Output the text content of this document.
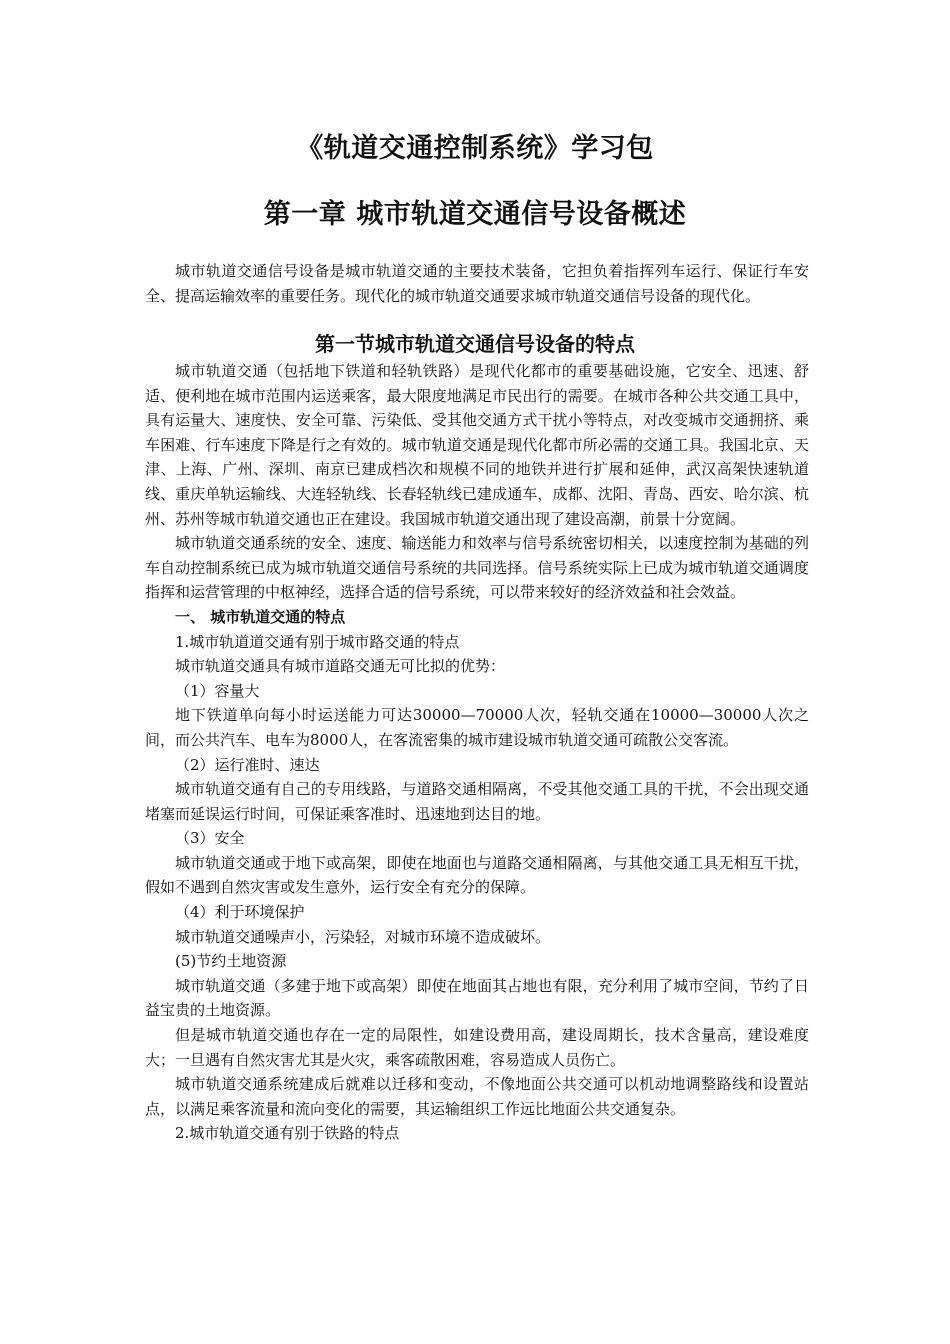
《轨道交通控制系统》学习包
第一章 城市轨道交通信号设备概述

城市轨道交通信号设备是城市轨道交通的主要技术装备，它担负着指挥列车运行、保证行车安全、提高运输效率的重要任务。现代化的城市轨道交通要求城市轨道交通信号设备的现代化。

第一节城市轨道交通信号设备的特点

城市轨道交通（包括地下铁道和轻轨铁路）是现代化都市的重要基础设施，它安全、迅速、舒适、便利地在城市范围内运送乘客，最大限度地满足市民出行的需要。在城市各种公共交通工具中，具有运量大、速度快、安全可靠、污染低、受其他交通方式干扰小等特点，对改变城市交通拥挤、乘车困难、行车速度下降是行之有效的。城市轨道交通是现代化都市所必需的交通工具。我国北京、天津、上海、广州、深圳、南京已建成档次和规模不同的地铁并进行扩展和延伸，武汉高架快速轨道线、重庆单轨运输线、大连轻轨线、长春轻轨线已建成通车，成都、沈阳、青岛、西安、哈尔滨、杭州、苏州等城市轨道交通也正在建设。我国城市轨道交通出现了建设高潮，前景十分宽阔。

城市轨道交通系统的安全、速度、输送能力和效率与信号系统密切相关，以速度控制为基础的列车自动控制系统已成为城市轨道交通信号系统的共同选择。信号系统实际上已成为城市轨道交通调度指挥和运营管理的中枢神经，选择合适的信号系统，可以带来较好的经济效益和社会效益。

一、 城市轨道交通的特点

1.城市轨道道交通有别于城市路交通的特点

城市轨道交通具有城市道路交通无可比拟的优势：

（1）容量大

地下铁道单向每小时运送能力可达30000—70000人次，轻轨交通在10000—30000人次之间，而公共汽车、电车为8000人，在客流密集的城市建设城市轨道交通可疏散公交客流。

（2）运行准时、速达

城市轨道交通有自己的专用线路，与道路交通相隔离，不受其他交通工具的干扰，不会出现交通堵塞而延误运行时间，可保证乘客准时、迅速地到达目的地。

（3）安全

城市轨道交通或于地下或高架，即使在地面也与道路交通相隔离，与其他交通工具无相互干扰，假如不遇到自然灾害或发生意外，运行安全有充分的保障。

（4）利于环境保护

城市轨道交通噪声小，污染轻，对城市环境不造成破坏。

(5)节约土地资源

城市轨道交通（多建于地下或高架）即使在地面其占地也有限，充分利用了城市空间，节约了日益宝贵的土地资源。

但是城市轨道交通也存在一定的局限性，如建设费用高，建设周期长，技术含量高，建设难度大；一旦遇有自然灾害尤其是火灾，乘客疏散困难，容易造成人员伤亡。

城市轨道交通系统建成后就难以迁移和变动，不像地面公共交通可以机动地调整路线和设置站点，以满足乘客流量和流向变化的需要，其运输组织工作远比地面公共交通复杂。

2.城市轨道交通有别于铁路的特点
